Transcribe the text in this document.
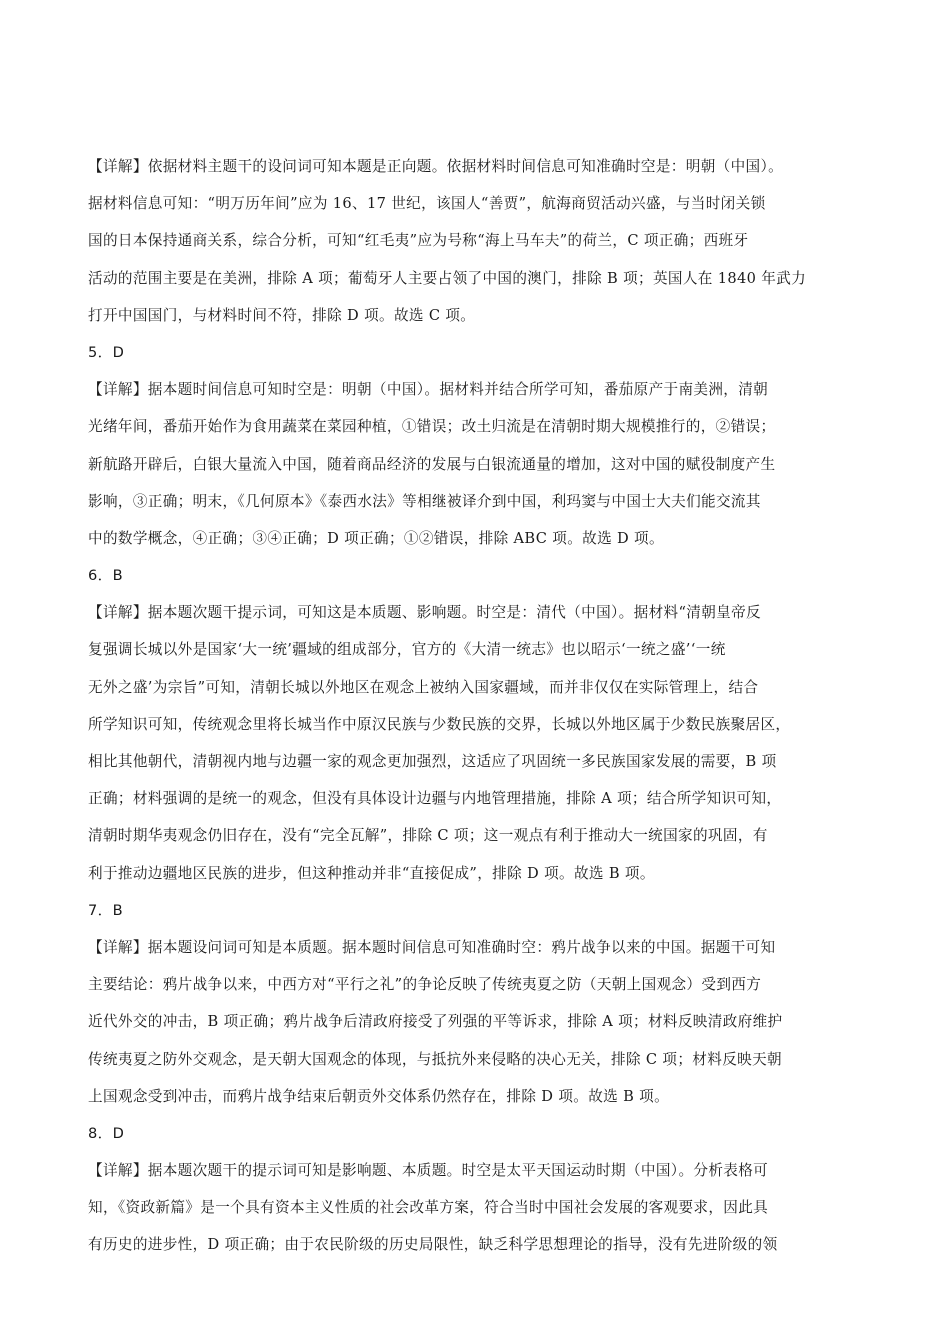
【详解】依据材料主题干的设问词可知本题是正向题。依据材料时间信息可知准确时空是：明朝（中国）。
据材料信息可知：“明万历年间”应为 16、17 世纪，该国人“善贾”，航海商贸活动兴盛，与当时闭关锁
国的日本保持通商关系，综合分析，可知“红毛夷”应为号称“海上马车夫”的荷兰，C 项正确；西班牙
活动的范围主要是在美洲，排除 A 项；葡萄牙人主要占领了中国的澳门，排除 B 项；英国人在 1840 年武力
打开中国国门，与材料时间不符，排除 D 项。故选 C 项。
5．D
【详解】据本题时间信息可知时空是：明朝（中国）。据材料并结合所学可知，番茄原产于南美洲，清朝
光绪年间，番茄开始作为食用蔬菜在菜园种植，①错误；改土归流是在清朝时期大规模推行的，②错误；
新航路开辟后，白银大量流入中国，随着商品经济的发展与白银流通量的增加，这对中国的赋役制度产生
影响，③正确；明末，《几何原本》《泰西水法》等相继被译介到中国，利玛窦与中国士大夫们能交流其
中的数学概念，④正确；③④正确；D 项正确；①②错误，排除 ABC 项。故选 D 项。
6．B
【详解】据本题次题干提示词，可知这是本质题、影响题。时空是：清代（中国）。据材料“清朝皇帝反
复强调长城以外是国家‘大一统’疆域的组成部分，官方的《大清一统志》也以昭示‘一统之盛’‘一统
无外之盛’为宗旨”可知，清朝长城以外地区在观念上被纳入国家疆域，而并非仅仅在实际管理上，结合
所学知识可知，传统观念里将长城当作中原汉民族与少数民族的交界，长城以外地区属于少数民族聚居区，
相比其他朝代，清朝视内地与边疆一家的观念更加强烈，这适应了巩固统一多民族国家发展的需要，B 项
正确；材料强调的是统一的观念，但没有具体设计边疆与内地管理措施，排除 A 项；结合所学知识可知，
清朝时期华夷观念仍旧存在，没有“完全瓦解”，排除 C 项；这一观点有利于推动大一统国家的巩固，有
利于推动边疆地区民族的进步，但这种推动并非“直接促成”，排除 D 项。故选 B 项。
7．B
【详解】据本题设问词可知是本质题。据本题时间信息可知准确时空：鸦片战争以来的中国。据题干可知
主要结论：鸦片战争以来，中西方对“平行之礼”的争论反映了传统夷夏之防（天朝上国观念）受到西方
近代外交的冲击，B 项正确；鸦片战争后清政府接受了列强的平等诉求，排除 A 项；材料反映清政府维护
传统夷夏之防外交观念，是天朝大国观念的体现，与抵抗外来侵略的决心无关，排除 C 项；材料反映天朝
上国观念受到冲击，而鸦片战争结束后朝贡外交体系仍然存在，排除 D 项。故选 B 项。
8．D
【详解】据本题次题干的提示词可知是影响题、本质题。时空是太平天国运动时期（中国）。分析表格可
知，《资政新篇》是一个具有资本主义性质的社会改革方案，符合当时中国社会发展的客观要求，因此具
有历史的进步性，D 项正确；由于农民阶级的历史局限性，缺乏科学思想理论的指导，没有先进阶级的领
